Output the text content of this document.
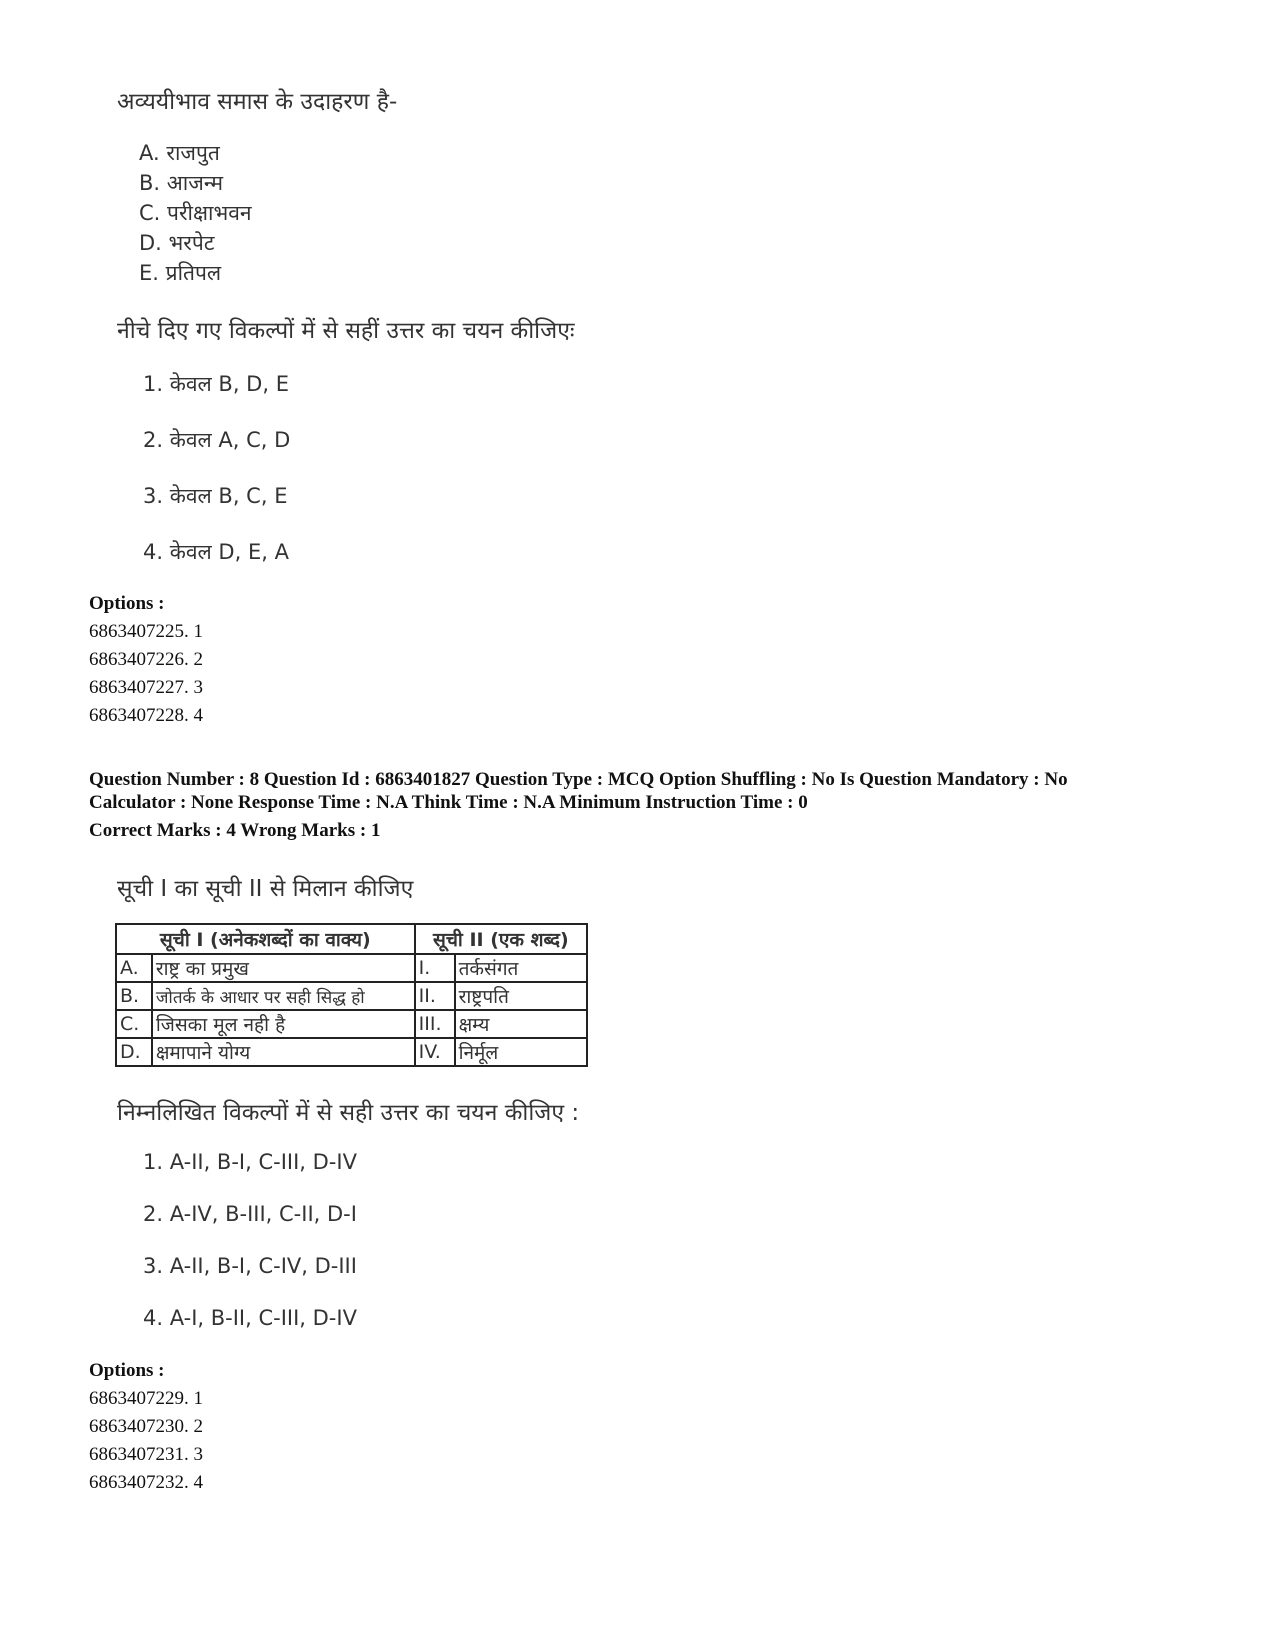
अव्ययीभाव समास के उदाहरण है-
A. राजपुत
B. आजन्म
C. परीक्षाभवन
D. भरपेट
E. प्रतिपल
नीचे दिए गए विकल्पों में से सहीं उत्तर का चयन कीजिएः
1. केवल B, D, E
2. केवल A, C, D
3. केवल B, C, E
4. केवल D, E, A
Options :
6863407225. 1
6863407226. 2
6863407227. 3
6863407228. 4
Question Number : 8 Question Id : 6863401827 Question Type : MCQ Option Shuffling : No Is Question Mandatory : No
Calculator : None Response Time : N.A Think Time : N.A Minimum Instruction Time : 0
Correct Marks : 4 Wrong Marks : 1
सूची I का सूची II से मिलान कीजिए
सूची I (अनेकशब्दों का वाक्य)		सूची II (एक शब्द)	
A.	राष्ट्र का प्रमुख	I.	तर्कसंगत
B.	जोतर्क के आधार पर सही सिद्ध हो	II.	राष्ट्रपति
C.	जिसका मूल नही है	III.	क्षम्य
D.	क्षमापाने योग्य	IV.	निर्मूल
निम्नलिखित विकल्पों में से सही उत्तर का चयन कीजिए :
1. A-II, B-I, C-III, D-IV
2. A-IV, B-III, C-II, D-I
3. A-II, B-I, C-IV, D-III
4. A-I, B-II, C-III, D-IV
Options :
6863407229. 1
6863407230. 2
6863407231. 3
6863407232. 4
